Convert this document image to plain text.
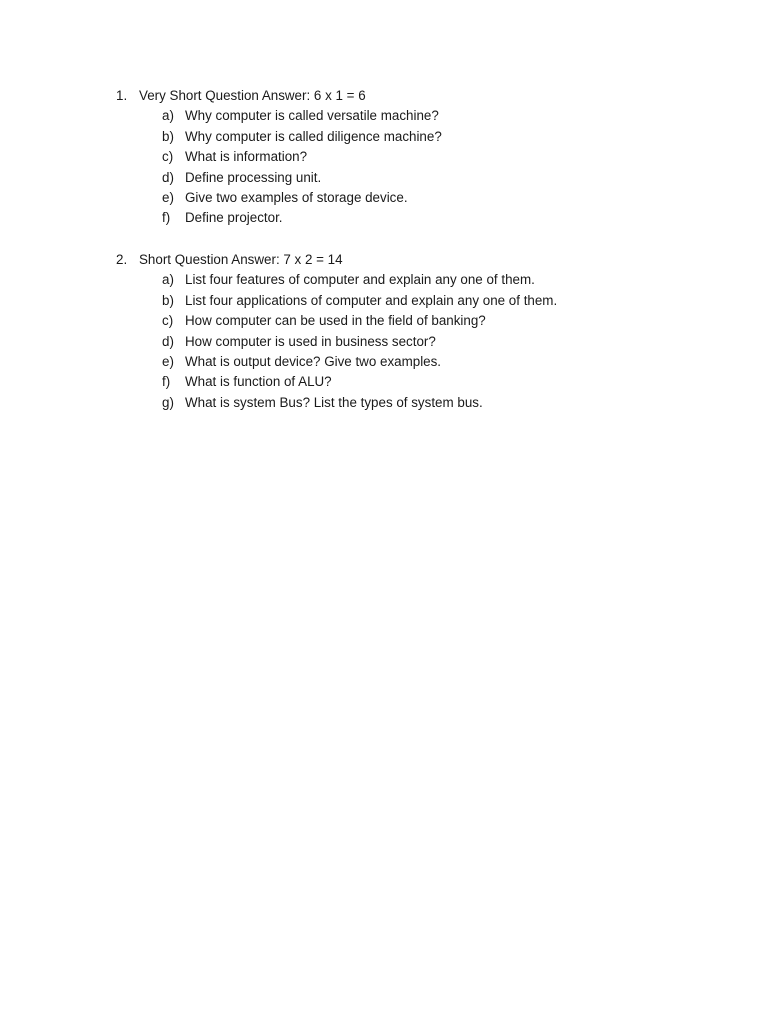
1. Very Short Question Answer: 6 x 1 = 6
a) Why computer is called versatile machine?
b) Why computer is called diligence machine?
c) What is information?
d) Define processing unit.
e) Give two examples of storage device.
f) Define projector.
2. Short Question Answer: 7 x 2 = 14
a) List four features of computer and explain any one of them.
b) List four applications of computer and explain any one of them.
c) How computer can be used in the field of banking?
d) How computer is used in business sector?
e) What is output device? Give two examples.
f) What is function of ALU?
g) What is system Bus? List the types of system bus.
